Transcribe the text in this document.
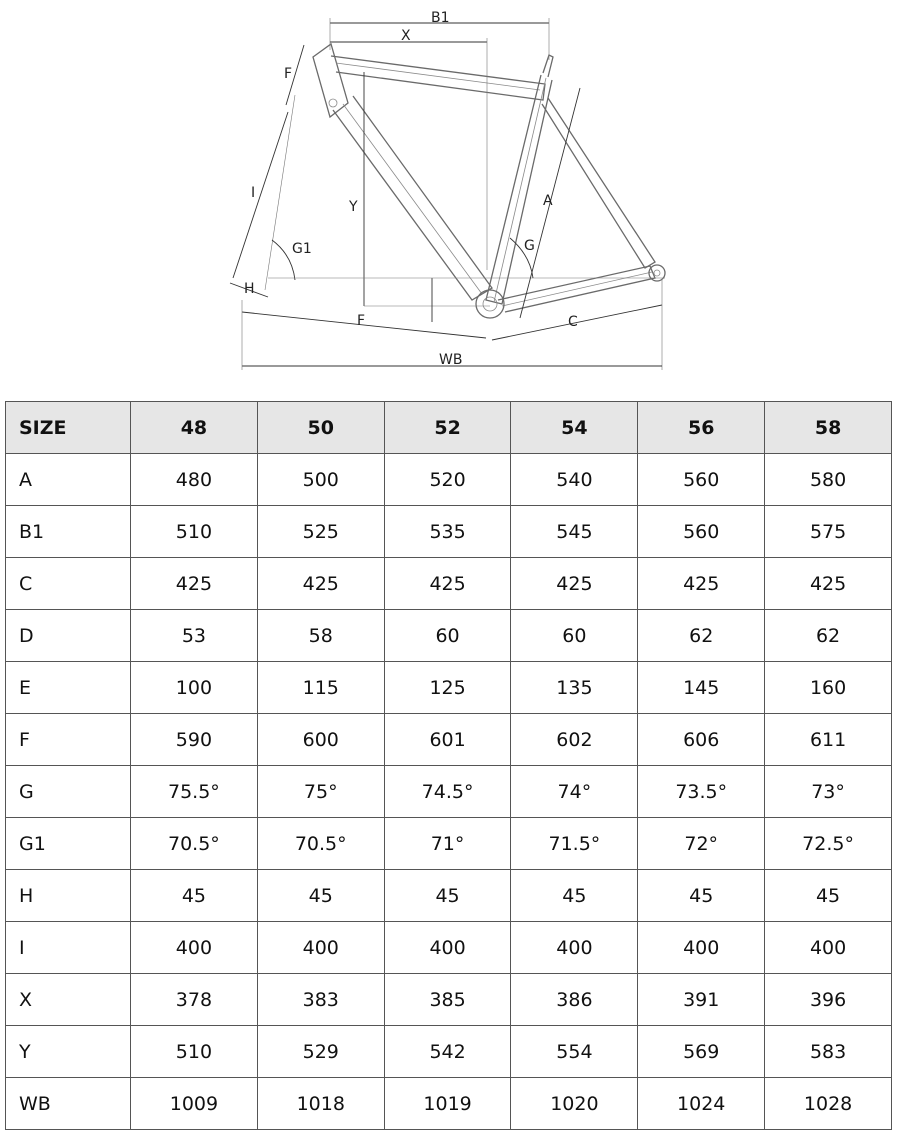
B1
X
F
I
Y	A
G1	G
H
F	C
WB
SIZE	48	50	52	54	56	58
A	480	500	520	540	560	580
B1	510	525	535	545	560	575
C	425	425	425	425	425	425
D	53	58	60	60	62	62
E	100	115	125	135	145	160
F	590	600	601	602	606	611
G	75.5°	75°	74.5°	74°	73.5°	73°
G1	70.5°	70.5°	71°	71.5°	72°	72.5°
H	45	45	45	45	45	45
I	400	400	400	400	400	400
X	378	383	385	386	391	396
Y	510	529	542	554	569	583
WB	1009	1018	1019	1020	1024	1028
